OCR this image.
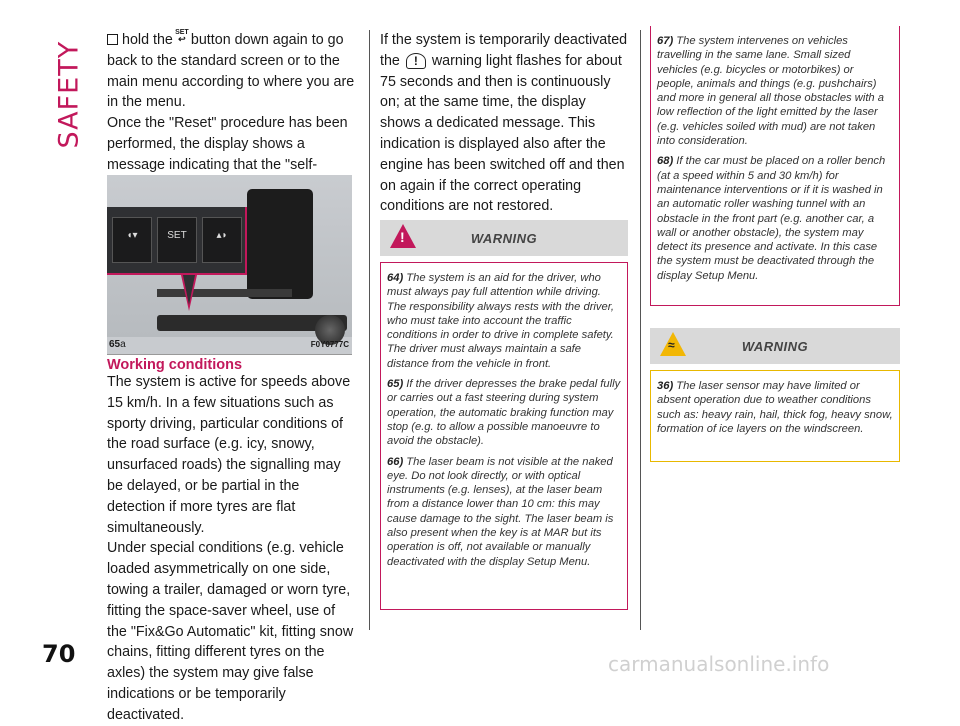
SAFETY
70

hold the SET
↩ button down again to go back to the standard screen or to the main menu according to where you are in the menu.

Once the "Reset" procedure has been performed, the display shows a message indicating that the "self-

◖▾	SET	▴◗
65a	F0Y0777C
Working conditions

The system is active for speeds above 15 km/h. In a few situations such as sporty driving, particular conditions of the road surface (e.g. icy, snowy, unsurfaced roads) the signalling may be delayed, or be partial in the detection if more tyres are flat simultaneously.

Under special conditions (e.g. vehicle loaded asymmetrically on one side, towing a trailer, damaged or worn tyre, fitting the space-saver wheel, use of the "Fix&Go Automatic" kit, fitting snow chains, fitting different tyres on the axles) the system may give false indications or be temporarily deactivated.

If the system is temporarily deactivated the ! warning light flashes for about 75 seconds and then is continuously on; at the same time, the display shows a dedicated message. This indication is displayed also after the engine has been switched off and then on again if the correct operating conditions are not restored.

!
WARNING

64) The system is an aid for the driver, who must always pay full attention while driving. The responsibility always rests with the driver, who must take into account the traffic conditions in order to drive in complete safety. The driver must always maintain a safe distance from the vehicle in front.

65) If the driver depresses the brake pedal fully or carries out a fast steering during system operation, the automatic braking function may stop (e.g. to allow a possible manoeuvre to avoid the obstacle).

66) The laser beam is not visible at the naked eye. Do not look directly, or with optical instruments (e.g. lenses), at the laser beam from a distance lower than 10 cm: this may cause damage to the sight. The laser beam is also present when the key is at MAR but its operation is off, not available or manually deactivated with the display Setup Menu.

67) The system intervenes on vehicles travelling in the same lane. Small sized vehicles (e.g. bicycles or motorbikes) or people, animals and things (e.g. pushchairs) and more in general all those obstacles with a low reflection of the light emitted by the laser (e.g. vehicles soiled with mud) are not taken into consideration.

68) If the car must be placed on a roller bench (at a speed within 5 and 30 km/h) for maintenance interventions or if it is washed in an automatic roller washing tunnel with an obstacle in the front part (e.g. another car, a wall or another obstacle), the system may detect its presence and activate. In this case the system must be deactivated through the display Setup Menu.

≈
WARNING

36) The laser sensor may have limited or absent operation due to weather conditions such as: heavy rain, hail, thick fog, heavy snow, formation of ice layers on the windscreen.

carmanualsonline.info
